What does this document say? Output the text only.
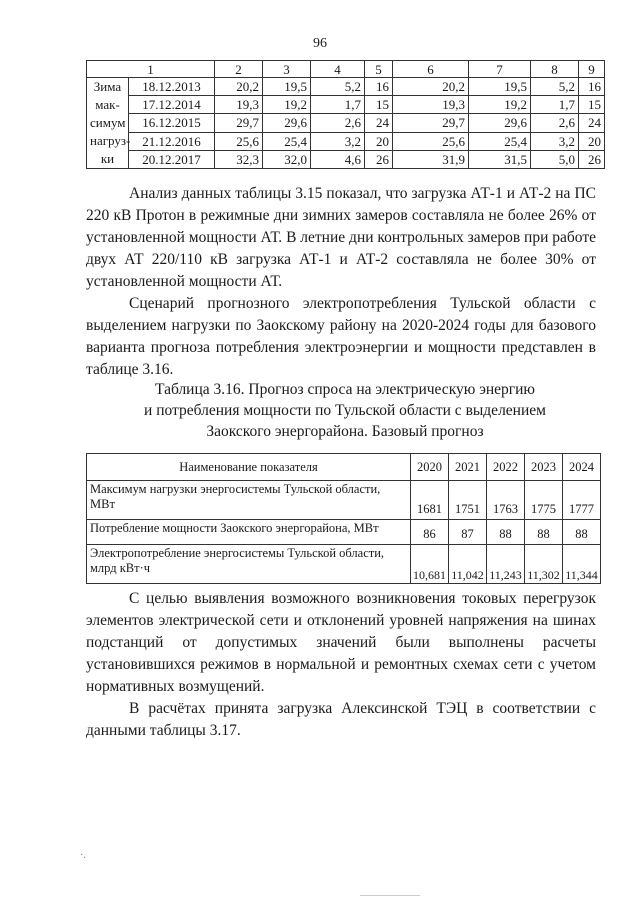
96
1		2	3	4	5	6	7	8	9
Зима
мак-
симум
нагруз-
ки	18.12.2013	20,2	19,5	5,2	16	20,2	19,5	5,2	16
	17.12.2014	19,3	19,2	1,7	15	19,3	19,2	1,7	15
	16.12.2015	29,7	29,6	2,6	24	29,7	29,6	2,6	24
	21.12.2016	25,6	25,4	3,2	20	25,6	25,4	3,2	20
	20.12.2017	32,3	32,0	4,6	26	31,9	31,5	5,0	26

Анализ данных таблицы 3.15 показал, что загрузка АТ-1 и АТ-2 на ПС 220 кВ Протон в режимные дни зимних замеров составляла не более 26% от установленной мощности АТ. В летние дни контрольных замеров при работе двух АТ 220/110 кВ загрузка АТ-1 и АТ-2 составляла не более 30% от установленной мощности АТ.

Сценарий прогнозного электропотребления Тульской области с выделением нагрузки по Заокскому району на 2020-2024 годы для базового варианта прогноза потребления электроэнергии и мощности представлен в таблице 3.16.

Таблица 3.16. Прогноз спроса на электрическую энергию
и потребления мощности по Тульской области с выделением
Заокского энергорайона. Базовый прогноз
Наименование показателя	2020	2021	2022	2023	2024
Максимум нагрузки энергосистемы Тульской области, МВт	1681	1751	1763	1775	1777
Потребление мощности Заокского энергорайона, МВт	86	87	88	88	88
Электропотребление энергосистемы Тульской области, млрд кВт·ч	10,681	11,042	11,243	11,302	11,344

С целью выявления возможного возникновения токовых перегрузок элементов электрической сети и отклонений уровней напряжения на шинах подстанций от допустимых значений были выполнены расчеты установившихся режимов в нормальной и ремонтных схемах сети с учетом нормативных возмущений.

В расчётах принята загрузка Алексинской ТЭЦ в соответствии с данными таблицы 3.17.

·.
